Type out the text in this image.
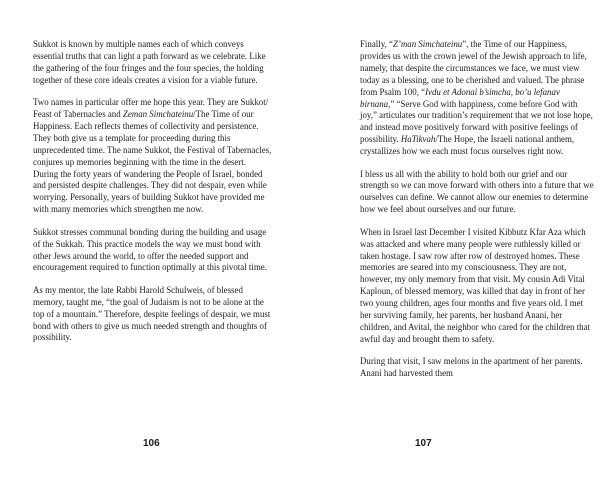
Sukkot is known by multiple names each of which conveys essential truths that can light a path forward as we celebrate. Like the gathering of the four fringes and the four species, the holding together of these core ideals creates a vision for a viable future.

Two names in particular offer me hope this year. They are Sukkot/ Feast of Tabernacles and Zeman Simchateinu/The Time of our Happiness. Each reflects themes of collectivity and persistence. They both give us a template for proceeding during this unprecedented time. The name Sukkot, the Festival of Tabernacles, conjures up memories beginning with the time in the desert. During the forty years of wandering the People of Israel, bonded and persisted despite challenges. They did not despair, even while worrying. Personally, years of building Sukkot have provided me with many memories which strengthen me now.

Sukkot stresses communal bonding during the building and usage of the Sukkah. This practice models the way we must bond with other Jews around the world, to offer the needed support and encouragement required to function optimally at this pivotal time.

As my mentor, the late Rabbi Harold Schulweis, of blessed memory, taught me, “the goal of Judaism is not to be alone at the top of a mountain.” Therefore, despite feelings of despair, we must bond with others to give us much needed strength and thoughts of possibility.

106

Finally, “Z’man Simchateinu”, the Time of our Happiness, provides us with the crown jewel of the Jewish approach to life, namely, that despite the circumstances we face, we must view today as a blessing, one to be cherished and valued. The phrase from Psalm 100, “Ivdu et Adonai b’simcha, bo’u lefanav birnana,” “Serve God with happiness, come before God with joy,” articulates our tradition’s requirement that we not lose hope, and instead move positively forward with positive feelings of possibility. HaTikvah/The Hope, the Israeli national anthem, crystallizes how we each must focus ourselves right now.

I bless us all with the ability to hold both our grief and our strength so we can move forward with others into a future that we ourselves can define. We cannot allow our enemies to determine how we feel about ourselves and our future.

When in Israel last December I visited Kibbutz Kfar Aza which was attacked and where many people were ruthlessly killed or taken hostage. I saw row after row of destroyed homes. These memories are seared into my consciousness. They are not, however, my only memory from that visit. My cousin Adi Vital Kaploun, of blessed memory, was killed that day in front of her two young children, ages four months and five years old. I met her surviving family, her parents, her husband Anani, her children, and Avital, the neighbor who cared for the children that awful day and brought them to safety.

During that visit, I saw melons in the apartment of her parents. Anani had harvested them

107
